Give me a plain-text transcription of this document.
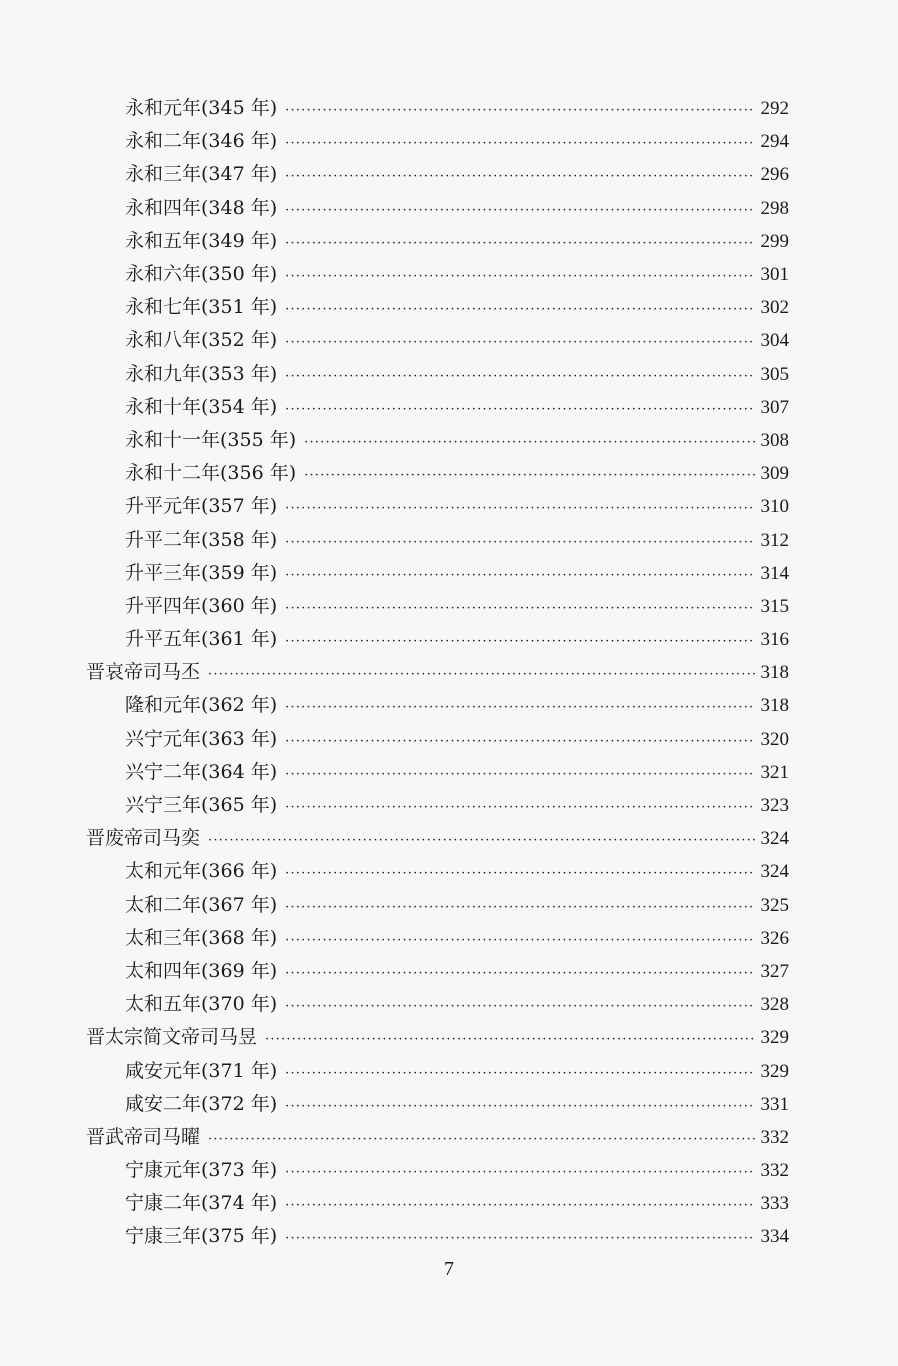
永和元年(345 年) ·····	292
永和二年(346 年) ·····	294
永和三年(347 年) ·····	296
永和四年(348 年) ·····	298
永和五年(349 年) ·····	299
永和六年(350 年) ·····	301
永和七年(351 年) ·····	302
永和八年(352 年) ·····	304
永和九年(353 年) ·····	305
永和十年(354 年) ·····	307
永和十一年(355 年) ·····	308
永和十二年(356 年) ·····	309
升平元年(357 年) ·····	310
升平二年(358 年) ·····	312
升平三年(359 年) ·····	314
升平四年(360 年) ·····	315
升平五年(361 年) ·····	316
晋哀帝司马丕 ·····	318
隆和元年(362 年) ·····	318
兴宁元年(363 年) ·····	320
兴宁二年(364 年) ·····	321
兴宁三年(365 年) ·····	323
晋废帝司马奕 ·····	324
太和元年(366 年) ·····	324
太和二年(367 年) ·····	325
太和三年(368 年) ·····	326
太和四年(369 年) ·····	327
太和五年(370 年) ·····	328
晋太宗简文帝司马昱 ·····	329
咸安元年(371 年) ·····	329
咸安二年(372 年) ·····	331
晋武帝司马曜 ·····	332
宁康元年(373 年) ·····	332
宁康二年(374 年) ·····	333
宁康三年(375 年) ·····	334
7
